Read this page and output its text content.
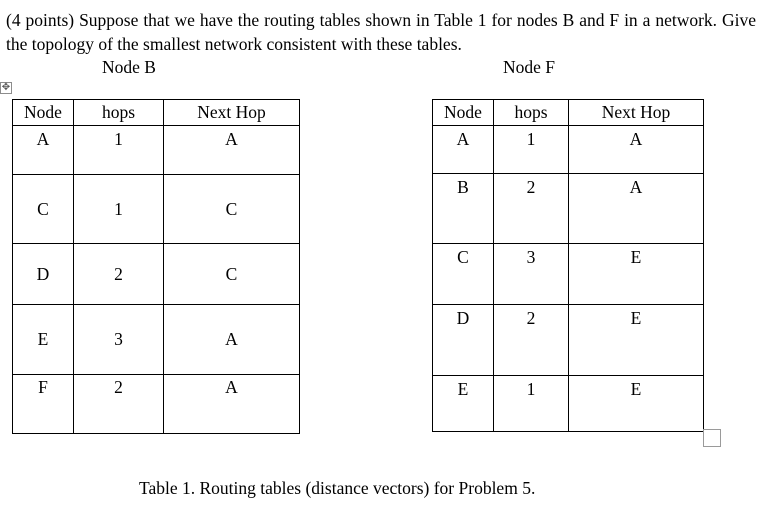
(4 points) Suppose that we have the routing tables shown in Table 1 for nodes B and F in a network. Give the topology of the smallest network consistent with these tables.
Node B	Node F
✥
Node	hops	Next Hop
A	1	A
C	1	C
D	2	C
E	3	A
F	2	A
Node	hops	Next Hop
A	1	A
B	2	A
C	3	E
D	2	E
E	1	E
Table 1. Routing tables (distance vectors) for Problem 5.
